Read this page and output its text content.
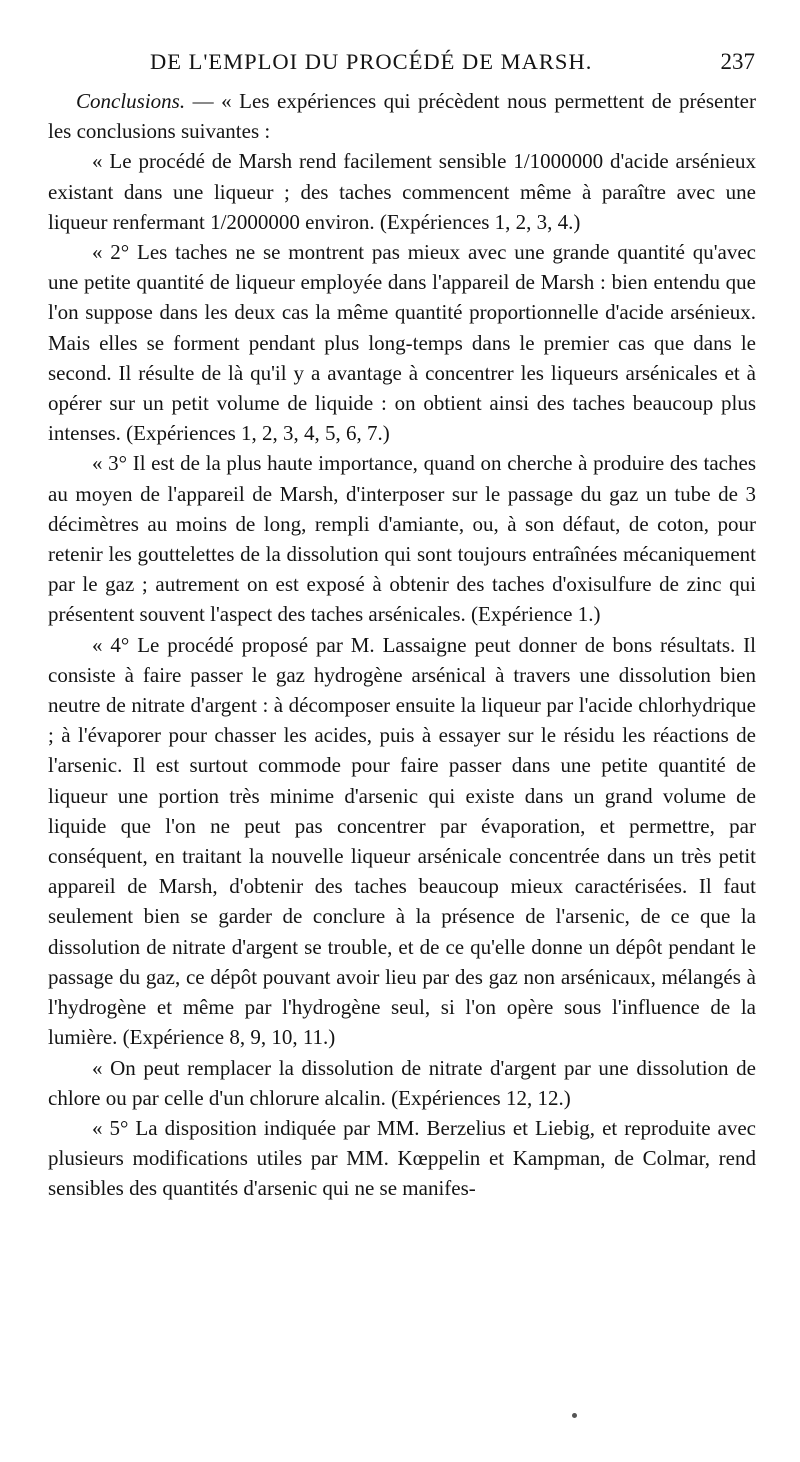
DE L'EMPLOI DU PROCÉDÉ DE MARSH.	237

Conclusions. — « Les expériences qui précèdent nous permettent de présenter les conclusions suivantes :

« Le procédé de Marsh rend facilement sensible 1/1000000 d'acide arsénieux existant dans une liqueur ; des taches commencent même à paraître avec une liqueur renfermant 1/2000000 environ. (Expériences 1, 2, 3, 4.)

« 2° Les taches ne se montrent pas mieux avec une grande quantité qu'avec une petite quantité de liqueur employée dans l'appareil de Marsh : bien entendu que l'on suppose dans les deux cas la même quantité proportionnelle d'acide arsénieux. Mais elles se forment pendant plus long-temps dans le premier cas que dans le second. Il résulte de là qu'il y a avantage à concentrer les liqueurs arsénicales et à opérer sur un petit volume de liquide : on obtient ainsi des taches beaucoup plus intenses. (Expériences 1, 2, 3, 4, 5, 6, 7.)

« 3° Il est de la plus haute importance, quand on cherche à produire des taches au moyen de l'appareil de Marsh, d'interposer sur le passage du gaz un tube de 3 décimètres au moins de long, rempli d'amiante, ou, à son défaut, de coton, pour retenir les gouttelettes de la dissolution qui sont toujours entraînées mécaniquement par le gaz ; autrement on est exposé à obtenir des taches d'oxisulfure de zinc qui présentent souvent l'aspect des taches arsénicales. (Expérience 1.)

« 4° Le procédé proposé par M. Lassaigne peut donner de bons résultats. Il consiste à faire passer le gaz hydrogène arsénical à travers une dissolution bien neutre de nitrate d'argent : à décomposer ensuite la liqueur par l'acide chlorhydrique ; à l'évaporer pour chasser les acides, puis à essayer sur le résidu les réactions de l'arsenic. Il est surtout commode pour faire passer dans une petite quantité de liqueur une portion très minime d'arsenic qui existe dans un grand volume de liquide que l'on ne peut pas concentrer par évaporation, et permettre, par conséquent, en traitant la nouvelle liqueur arsénicale concentrée dans un très petit appareil de Marsh, d'obtenir des taches beaucoup mieux caractérisées. Il faut seulement bien se garder de conclure à la présence de l'arsenic, de ce que la dissolution de nitrate d'argent se trouble, et de ce qu'elle donne un dépôt pendant le passage du gaz, ce dépôt pouvant avoir lieu par des gaz non arsénicaux, mélangés à l'hydrogène et même par l'hydrogène seul, si l'on opère sous l'influence de la lumière. (Expérience 8, 9, 10, 11.)

« On peut remplacer la dissolution de nitrate d'argent par une dissolution de chlore ou par celle d'un chlorure alcalin. (Expériences 12, 12.)

« 5° La disposition indiquée par MM. Berzelius et Liebig, et reproduite avec plusieurs modifications utiles par MM. Kœppelin et Kampman, de Colmar, rend sensibles des quantités d'arsenic qui ne se manifes-
